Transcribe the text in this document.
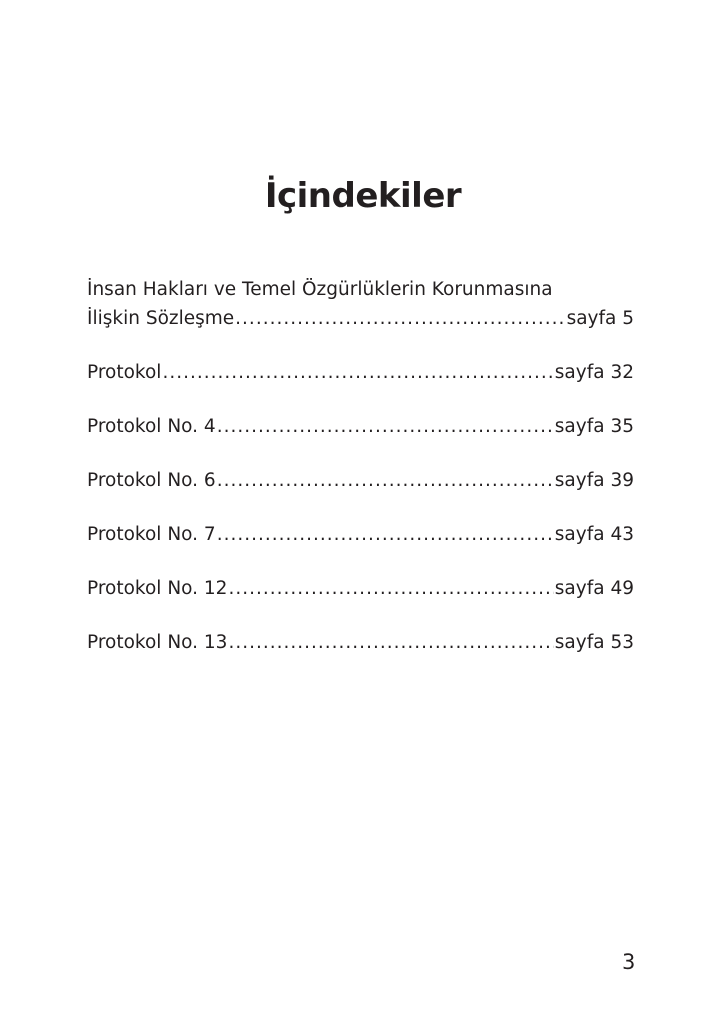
İçindekiler
İnsan Hakları ve Temel Özgürlüklerin Korunmasına
İlişkin Sözleşme .....	sayfa 5
Protokol .....	sayfa 32
Protokol No. 4 .....	sayfa 35
Protokol No. 6 .....	sayfa 39
Protokol No. 7 .....	sayfa 43
Protokol No. 12 .....	sayfa 49
Protokol No. 13 .....	sayfa 53
3
